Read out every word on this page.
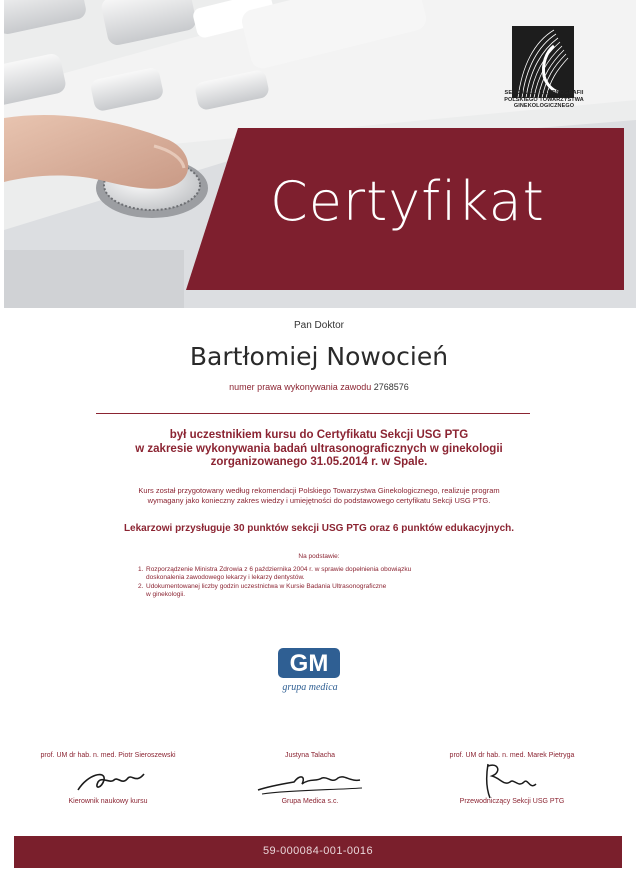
Certyfikat
SEKCJA ULTRASONOGRAFII
POLSKIEGO TOWARZYSTWA
GINEKOLOGICZNEGO
Pan Doktor
Bartłomiej Nowocień
numer prawa wykonywania zawodu 2768576
był uczestnikiem kursu do Certyfikatu Sekcji USG PTG
w zakresie wykonywania badań ultrasonograficznych w ginekologii
zorganizowanego 31.05.2014 r. w Spale.
Kurs został przygotowany według rekomendacji Polskiego Towarzystwa Ginekologicznego, realizuje program
wymagany jako konieczny zakres wiedzy i umiejętności do podstawowego certyfikatu Sekcji USG PTG.
Lekarzowi przysługuje 30 punktów sekcji USG PTG oraz 6 punktów edukacyjnych.
Na podstawie:
1. Rozporządzenie Ministra Zdrowia z 6 października 2004 r. w sprawie dopełnienia obowiązku
doskonalenia zawodowego lekarzy i lekarzy dentystów.
2. Udokumentowanej liczby godzin uczestnictwa w Kursie Badania Ultrasonograficzne
w ginekologii.
GM
grupa medica
prof. UM dr hab. n. med. Piotr Sieroszewski
Kierownik naukowy kursu
Justyna Talacha
Grupa Medica s.c.
prof. UM dr hab. n. med. Marek Pietryga
Przewodniczący Sekcji USG PTG
59-000084-001-0016
